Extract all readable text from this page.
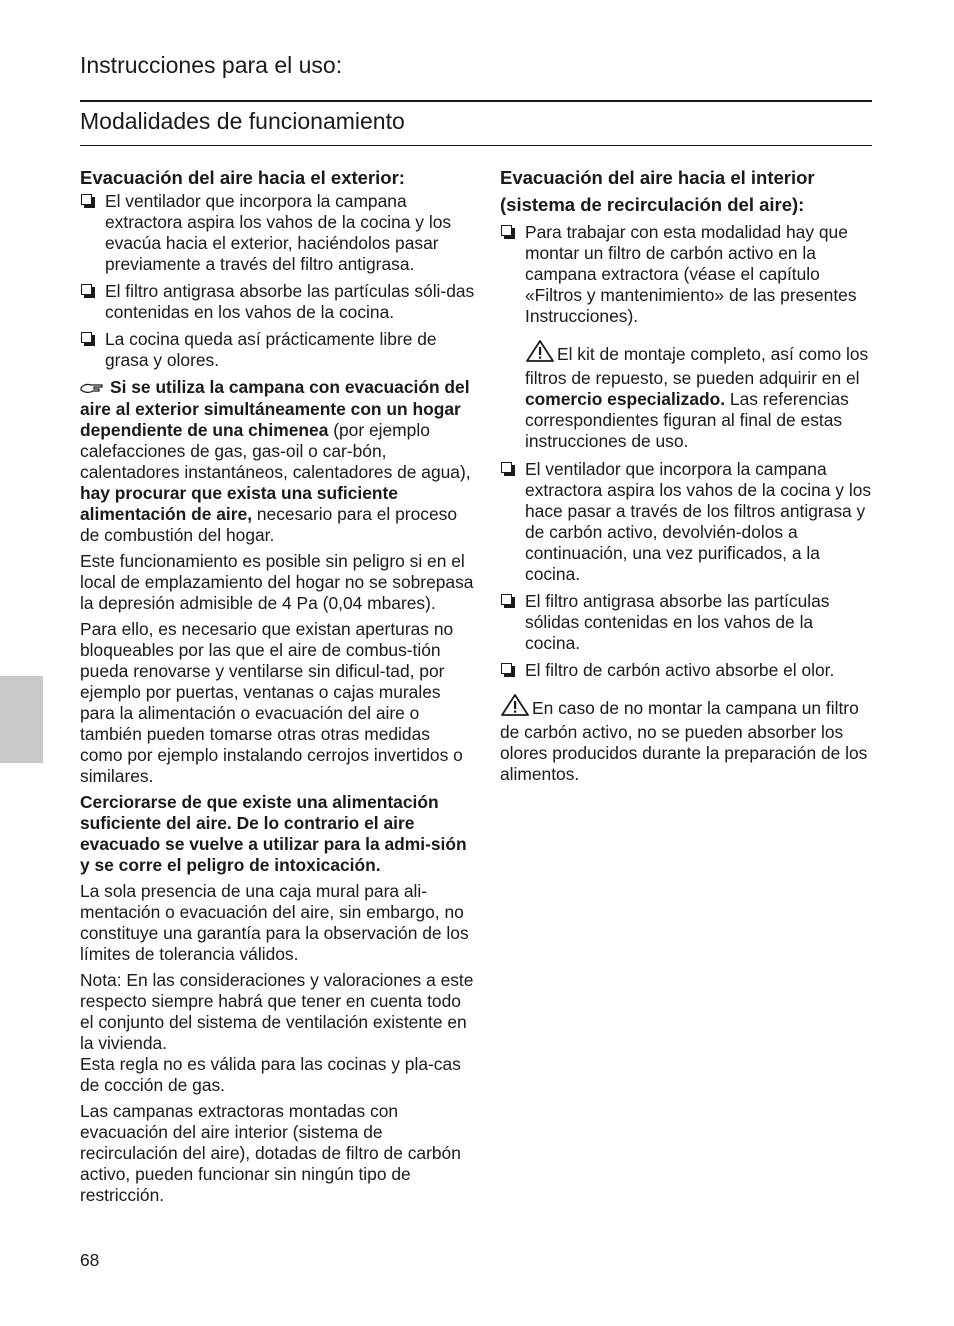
Instrucciones para el uso:
Modalidades de funcionamiento
Evacuación del aire hacia el exterior:
El ventilador que incorpora la campana extractora aspira los vahos de la cocina y los evacúa hacia el exterior, haciéndolos pasar previamente a través del filtro antigrasa.
El filtro antigrasa absorbe las partículas sóli-das contenidas en los vahos de la cocina.
La cocina queda así prácticamente libre de grasa y olores.

Si se utiliza la campana con evacuación del aire al exterior simultáneamente con un hogar dependiente de una chimenea (por ejemplo calefacciones de gas, gas-oil o car-bón, calentadores instantáneos, calentadores de agua), hay procurar que exista una suficiente alimentación de aire, necesario para el proceso de combustión del hogar.

Este funcionamiento es posible sin peligro si en el local de emplazamiento del hogar no se sobrepasa la depresión admisible de 4 Pa (0,04 mbares).

Para ello, es necesario que existan aperturas no bloqueables por las que el aire de combus-tión pueda renovarse y ventilarse sin dificul-tad, por ejemplo por puertas, ventanas o cajas murales para la alimentación o evacuación del aire o también pueden tomarse otras otras medidas como por ejemplo instalando cerrojos invertidos o similares.

Cerciorarse de que existe una alimentación suficiente del aire. De lo contrario el aire evacuado se vuelve a utilizar para la admi-sión y se corre el peligro de intoxicación.

La sola presencia de una caja mural para ali-mentación o evacuación del aire, sin embargo, no constituye una garantía para la observación de los límites de tolerancia válidos.

Nota: En las consideraciones y valoraciones a este respecto siempre habrá que tener en cuenta todo el conjunto del sistema de ventilación existente en la vivienda.
Esta regla no es válida para las cocinas y pla-cas de cocción de gas.

Las campanas extractoras montadas con evacuación del aire interior (sistema de recirculación del aire), dotadas de filtro de carbón activo, pueden funcionar sin ningún tipo de restricción.

Evacuación del aire hacia el interior (sistema de recirculación del aire):
Para trabajar con esta modalidad hay que montar un filtro de carbón activo en la campana extractora (véase el capítulo «Filtros y mantenimiento» de las presentes Instrucciones).

El kit de montaje completo, así como los filtros de repuesto, se pueden adquirir en el comercio especializado. Las referencias correspondientes figuran al final de estas instrucciones de uso.

El ventilador que incorpora la campana extractora aspira los vahos de la cocina y los hace pasar a través de los filtros antigrasa y de carbón activo, devolvién-dolos a continuación, una vez purificados, a la cocina.
El filtro antigrasa absorbe las partículas sólidas contenidas en los vahos de la cocina.
El filtro de carbón activo absorbe el olor.

En caso de no montar la campana un filtro de carbón activo, no se pueden absorber los olores producidos durante la preparación de los alimentos.

68
